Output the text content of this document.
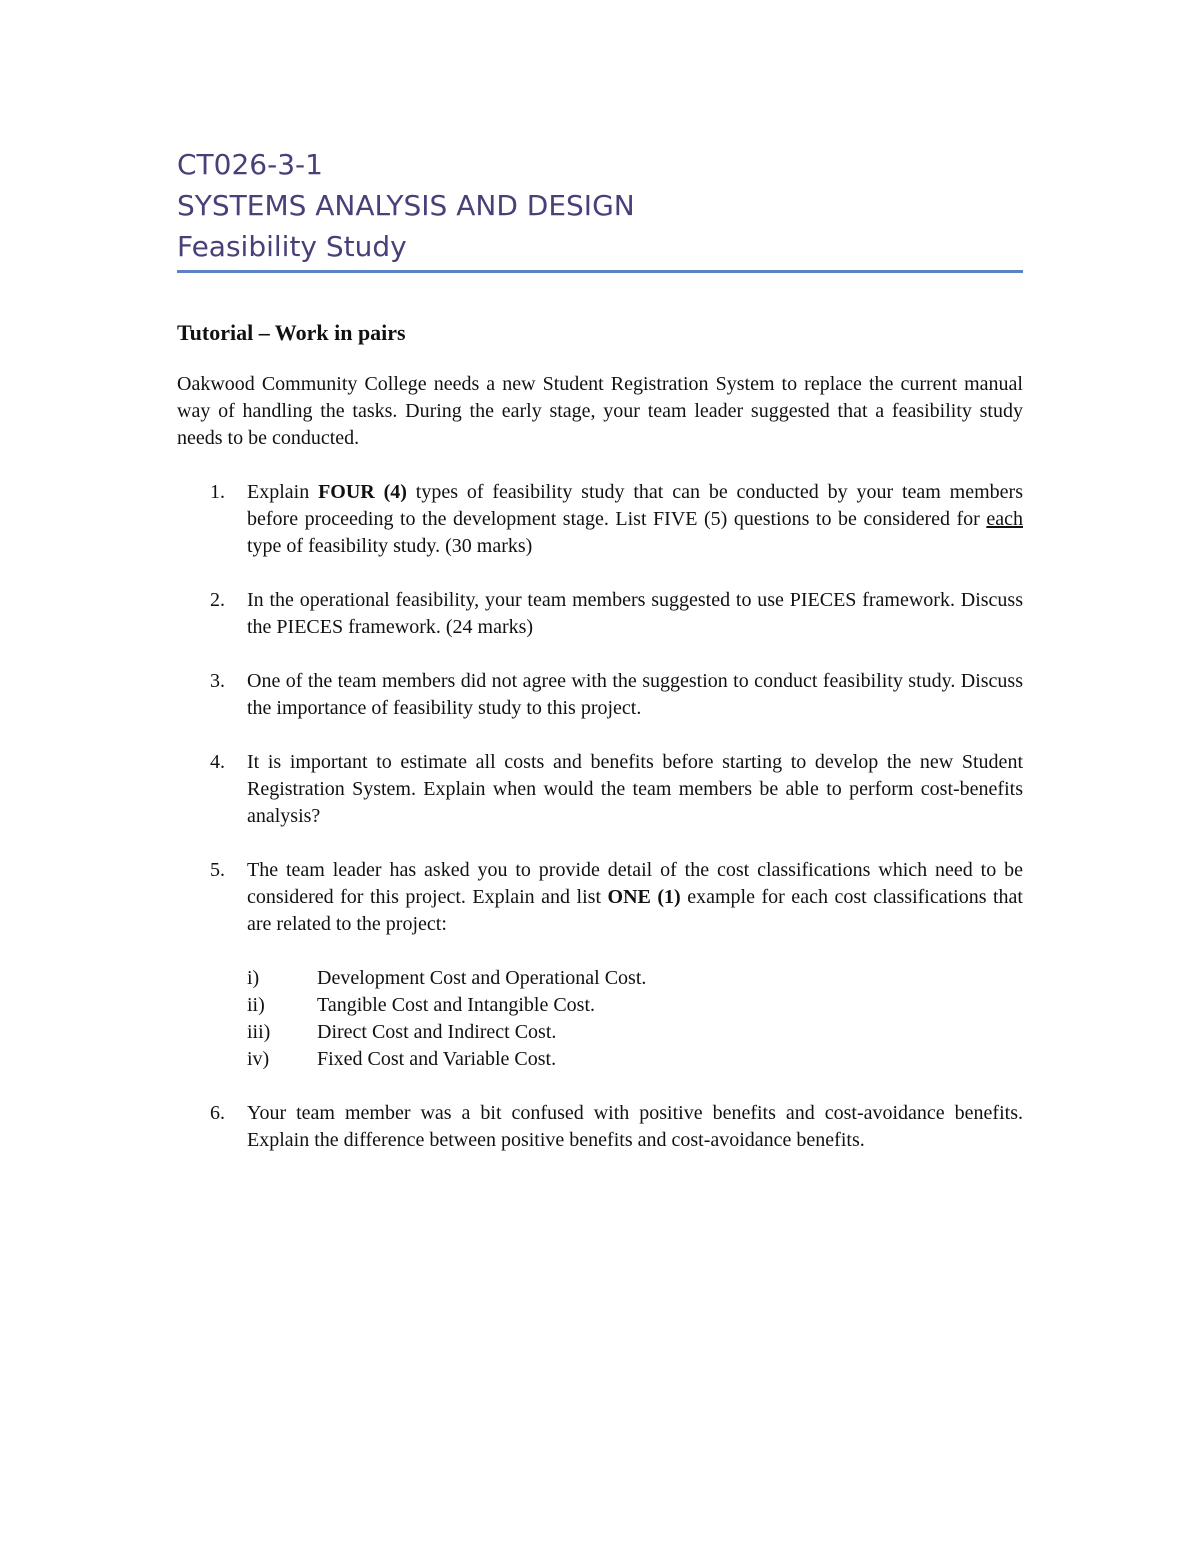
CT026-3-1
SYSTEMS ANALYSIS AND DESIGN
Feasibility Study
Tutorial – Work in pairs
Oakwood Community College needs a new Student Registration System to replace the current manual way of handling the tasks. During the early stage, your team leader suggested that a feasibility study needs to be conducted.
1.	Explain FOUR (4) types of feasibility study that can be conducted by your team members before proceeding to the development stage. List FIVE (5) questions to be considered for each type of feasibility study. (30 marks)
2.	In the operational feasibility, your team members suggested to use PIECES framework. Discuss the PIECES framework. (24 marks)
3.	One of the team members did not agree with the suggestion to conduct feasibility study. Discuss the importance of feasibility study to this project.
4.	It is important to estimate all costs and benefits before starting to develop the new Student Registration System. Explain when would the team members be able to perform cost-benefits analysis?
5.	The team leader has asked you to provide detail of the cost classifications which need to be considered for this project. Explain and list ONE (1) example for each cost classifications that are related to the project:
i)	Development Cost and Operational Cost.
ii)	Tangible Cost and Intangible Cost.
iii)	Direct Cost and Indirect Cost.
iv)	Fixed Cost and Variable Cost.
6.	Your team member was a bit confused with positive benefits and cost-avoidance benefits. Explain the difference between positive benefits and cost-avoidance benefits.
